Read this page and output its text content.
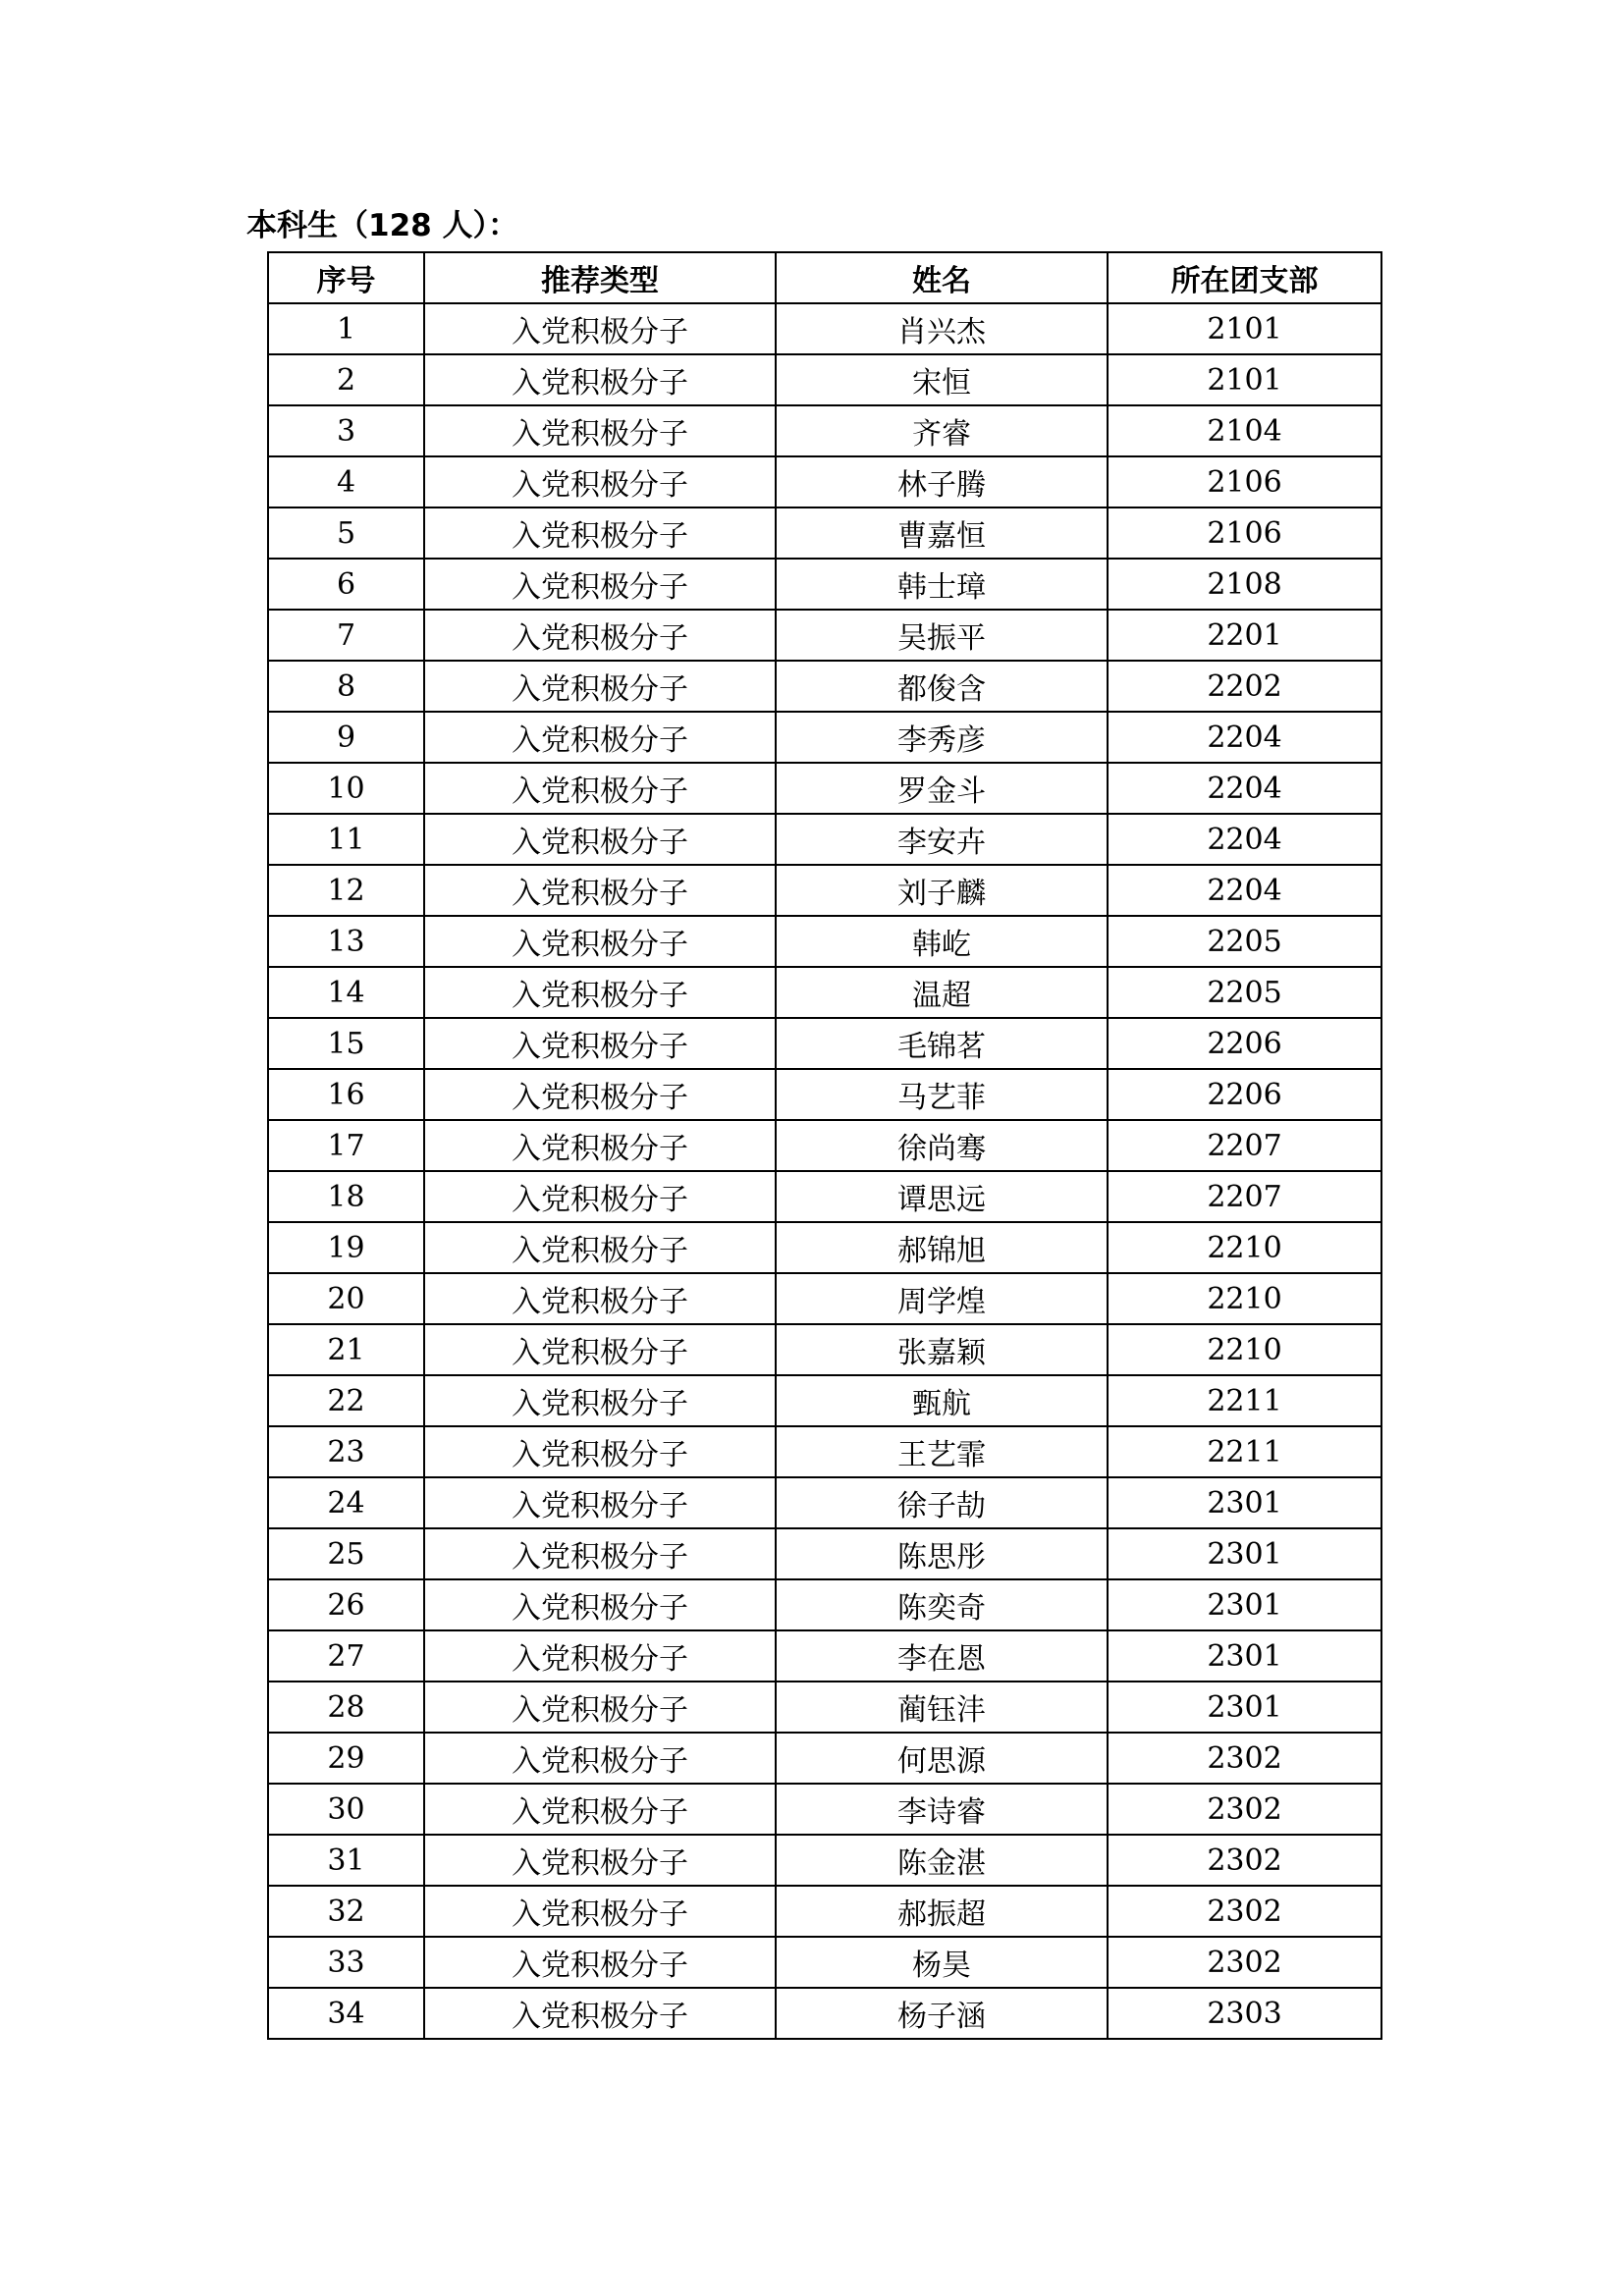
本科生（128 人）：
序号	推荐类型	姓名	所在团支部
1	入党积极分子	肖兴杰	2101
2	入党积极分子	宋恒	2101
3	入党积极分子	齐睿	2104
4	入党积极分子	林子腾	2106
5	入党积极分子	曹嘉恒	2106
6	入党积极分子	韩士璋	2108
7	入党积极分子	吴振平	2201
8	入党积极分子	都俊含	2202
9	入党积极分子	李秀彦	2204
10	入党积极分子	罗金斗	2204
11	入党积极分子	李安卉	2204
12	入党积极分子	刘子麟	2204
13	入党积极分子	韩屹	2205
14	入党积极分子	温超	2205
15	入党积极分子	毛锦茗	2206
16	入党积极分子	马艺菲	2206
17	入党积极分子	徐尚骞	2207
18	入党积极分子	谭思远	2207
19	入党积极分子	郝锦旭	2210
20	入党积极分子	周学煌	2210
21	入党积极分子	张嘉颖	2210
22	入党积极分子	甄航	2211
23	入党积极分子	王艺霏	2211
24	入党积极分子	徐子劼	2301
25	入党积极分子	陈思彤	2301
26	入党积极分子	陈奕奇	2301
27	入党积极分子	李在恩	2301
28	入党积极分子	蔺钰沣	2301
29	入党积极分子	何思源	2302
30	入党积极分子	李诗睿	2302
31	入党积极分子	陈金湛	2302
32	入党积极分子	郝振超	2302
33	入党积极分子	杨昊	2302
34	入党积极分子	杨子涵	2303
